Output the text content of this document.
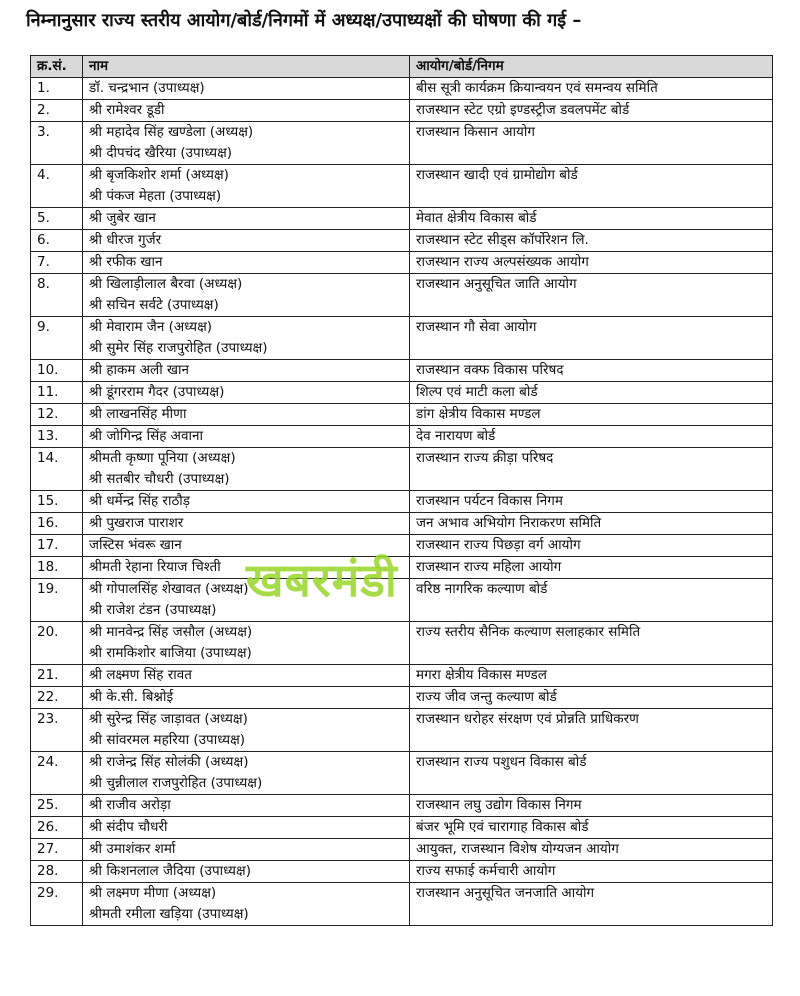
निम्नानुसार राज्य स्तरीय आयोग/बोर्ड/निगमों में अध्यक्ष/उपाध्यक्षों की घोषणा की गई –
क्र.सं.	नाम	आयोग/बोर्ड/निगम
1.	डॉ. चन्द्रभान (उपाध्यक्ष)	बीस सूत्री कार्यक्रम क्रियान्वयन एवं समन्वय समिति
2.	श्री रामेश्वर डूडी	राजस्थान स्टेट एग्रो इण्डस्ट्रीज डवलपमेंट बोर्ड
3.	श्री महादेव सिंह खण्डेला (अध्यक्ष)
श्री दीपचंद खैरिया (उपाध्यक्ष)	राजस्थान किसान आयोग
4.	श्री बृजकिशोर शर्मा (अध्यक्ष)
श्री पंकज मेहता (उपाध्यक्ष)	राजस्थान खादी एवं ग्रामोद्योग बोर्ड
5.	श्री जुबेर खान	मेवात क्षेत्रीय विकास बोर्ड
6.	श्री धीरज गुर्जर	राजस्थान स्टेट सीड्स कॉर्पोरेशन लि.
7.	श्री रफीक खान	राजस्थान राज्य अल्पसंख्यक आयोग
8.	श्री खिलाड़ीलाल बैरवा (अध्यक्ष)
श्री सचिन सर्वटे (उपाध्यक्ष)	राजस्थान अनुसूचित जाति आयोग
9.	श्री मेवाराम जैन (अध्यक्ष)
श्री सुमेर सिंह राजपुरोहित (उपाध्यक्ष)	राजस्थान गौ सेवा आयोग
10.	श्री हाकम अली खान	राजस्थान वक्फ विकास परिषद
11.	श्री डूंगरराम गैदर (उपाध्यक्ष)	शिल्प एवं माटी कला बोर्ड
12.	श्री लाखनसिंह मीणा	डांग क्षेत्रीय विकास मण्डल
13.	श्री जोगिन्द्र सिंह अवाना	देव नारायण बोर्ड
14.	श्रीमती कृष्णा पूनिया (अध्यक्ष)
श्री सतबीर चौधरी (उपाध्यक्ष)	राजस्थान राज्य क्रीड़ा परिषद
15.	श्री धर्मेन्द्र सिंह राठौड़	राजस्थान पर्यटन विकास निगम
16.	श्री पुखराज पाराशर	जन अभाव अभियोग निराकरण समिति
17.	जस्टिस भंवरू खान	राजस्थान राज्य पिछड़ा वर्ग आयोग
18.	श्रीमती रेहाना रियाज चिश्ती	राजस्थान राज्य महिला आयोग
19.	श्री गोपालसिंह शेखावत (अध्यक्ष)
श्री राजेश टंडन (उपाध्यक्ष)	वरिष्ठ नागरिक कल्याण बोर्ड
20.	श्री मानवेन्द्र सिंह जसौल (अध्यक्ष)
श्री रामकिशोर बाजिया (उपाध्यक्ष)	राज्य स्तरीय सैनिक कल्याण सलाहकार समिति
21.	श्री लक्ष्मण सिंह रावत	मगरा क्षेत्रीय विकास मण्डल
22.	श्री के.सी. बिश्नोई	राज्य जीव जन्तु कल्याण बोर्ड
23.	श्री सुरेन्द्र सिंह जाड़ावत (अध्यक्ष)
श्री सांवरमल महरिया (उपाध्यक्ष)	राजस्थान धरोहर संरक्षण एवं प्रोन्नति प्राधिकरण
24.	श्री राजेन्द्र सिंह सोलंकी (अध्यक्ष)
श्री चुन्नीलाल राजपुरोहित (उपाध्यक्ष)	राजस्थान राज्य पशुधन विकास बोर्ड
25.	श्री राजीव अरोड़ा	राजस्थान लघु उद्योग विकास निगम
26.	श्री संदीप चौधरी	बंजर भूमि एवं चारागाह विकास बोर्ड
27.	श्री उमाशंकर शर्मा	आयुक्त, राजस्थान विशेष योग्यजन आयोग
28.	श्री किशनलाल जैदिया (उपाध्यक्ष)	राज्य सफाई कर्मचारी आयोग
29.	श्री लक्ष्मण मीणा (अध्यक्ष)
श्रीमती रमीला खड़िया (उपाध्यक्ष)	राजस्थान अनुसूचित जनजाति आयोग
खबरमंडी
